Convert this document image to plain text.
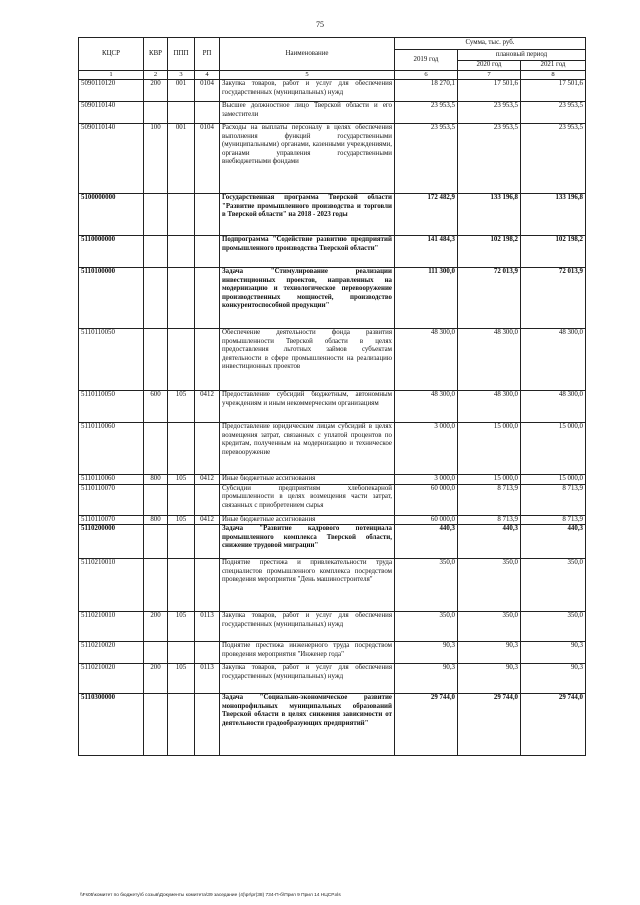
75
КЦСР	КВР	ППП	РП	Наименование	Сумма, тыс. руб.		
					2019 год	плановый период	
						2020 год	2021 год
1	2	3	4	5	6	7	8
5090110120	200	001	0104	Закупка товаров, работ и услуг для обеспечения государственных (муниципальных) нужд	18 270,1	17 501,6	17 501,6
5090110140				Высшее должностное лицо Тверской области и его заместители	23 953,5	23 953,5	23 953,5
5090110140	100	001	0104	Расходы на выплаты персоналу в целях обеспечения выполнения функций государственными (муниципальными) органами, казенными учреждениями, органами управления государственными внебюджетными фондами	23 953,5	23 953,5	23 953,5
5100000000				Государственная программа Тверской области "Развитие промышленного производства и торговли в Тверской области" на 2018 - 2023 годы	172 482,9	133 196,8	133 196,8
5110000000				Подпрограмма "Содействие развитию предприятий промышленного производства Тверской области"	141 484,3	102 198,2	102 198,2
5110100000				Задача "Стимулирование реализации инвестиционных проектов, направленных на модернизацию и технологическое перевооружение производственных мощностей, производство конкурентоспособной продукции"	111 300,0	72 013,9	72 013,9
5110110050				Обеспечение деятельности фонда развития промышленности Тверской области в целях предоставления льготных займов субъектам деятельности в сфере промышленности на реализацию инвестиционных проектов	48 300,0	48 300,0	48 300,0
5110110050	600	105	0412	Предоставление субсидий бюджетным, автономным учреждениям и иным некоммерческим организациям	48 300,0	48 300,0	48 300,0
5110110060				Предоставление юридическим лицам субсидий в целях возмещения затрат, связанных с уплатой процентов по кредитам, полученным на модернизацию и техническое перевооружение	3 000,0	15 000,0	15 000,0
5110110060	800	105	0412	Иные бюджетные ассигнования	3 000,0	15 000,0	15 000,0
5110110070				Субсидии предприятиям хлебопекарной промышленности в целях возмещения части затрат, связанных с приобретением сырья	60 000,0	8 713,9	8 713,9
5110110070	800	105	0412	Иные бюджетные ассигнования	60 000,0	8 713,9	8 713,9
5110200000				Задача "Развитие кадрового потенциала промышленного комплекса Тверской области, снижение трудовой миграции"	440,3	440,3	440,3
5110210010				Поднятие престижа и привлекательности труда специалистов промышленного комплекса посредством проведения мероприятия "День машиностроителя"	350,0	350,0	350,0
5110210010	200	105	0113	Закупка товаров, работ и услуг для обеспечения государственных (муниципальных) нужд	350,0	350,0	350,0
5110210020				Поднятие престижа инженерного труда посредством проведения мероприятия "Инженер года"	90,3	90,3	90,3
5110210020	200	105	0113	Закупка товаров, работ и услуг для обеспечения государственных (муниципальных) нужд	90,3	90,3	90,3
5110300000				Задача "Социально-экономическое развитие монопрофильных муниципальных образований Тверской области в целях снижения зависимости от деятельности градообразующих предприятий"	29 744,0	29 744,0	29 744,0
\\Fs05\комитет по бюджету\б созыв\Документы комитета\39 заседание (4)\pr\pr(38) 734-П-б\Прил 9 Прил 14 НЦСР.xls
